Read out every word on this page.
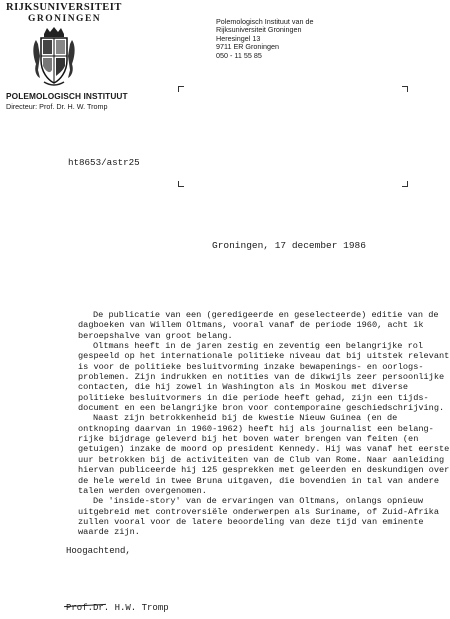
RIJKSUNIVERSITEIT
GRONINGEN
POLEMOLOGISCH INSTITUUT
Directeur: Prof. Dr. H. W. Tromp
Polemologisch Instituut van de
Rijksuniversiteit Groningen
Heresingel 13
9711 ER Groningen
050 - 11 55 85
ht8653/astr25
Groningen, 17 december 1986
De publicatie van een (geredigeerde en geselecteerde) editie van de
dagboeken van Willem Oltmans, vooral vanaf de periode 1960, acht ik
beroepshalve van groot belang.
Oltmans heeft in de jaren zestig en zeventig een belangrijke rol
gespeeld op het internationale politieke niveau dat bij uitstek relevant
is voor de politieke besluitvorming inzake bewapenings- en oorlogs-
problemen. Zijn indrukken en notities van de dikwijls zeer persoonlijke
contacten, die hij zowel in Washington als in Moskou met diverse
politieke besluitvormers in die periode heeft gehad, zijn een tijds-
document en een belangrijke bron voor contemporaine geschiedschrijving.
Naast zijn betrokkenheid bij de kwestie Nieuw Guinea (en de
ontknoping daarvan in 1960-1962) heeft hij als journalist een belang-
rijke bijdrage geleverd bij het boven water brengen van feiten (en
getuigen) inzake de moord op president Kennedy. Hij was vanaf het eerste
uur betrokken bij de activiteiten van de Club van Rome. Naar aanleiding
hiervan publiceerde hij 125 gesprekken met geleerden en deskundigen over
de hele wereld in twee Bruna uitgaven, die bovendien in tal van andere
talen werden overgenomen.
De 'inside-story' van de ervaringen van Oltmans, onlangs opnieuw
uitgebreid met controversiële onderwerpen als Suriname, of Zuid-Afrika
zullen vooral voor de latere beoordeling van deze tijd van eminente
waarde zijn.
Hoogachtend,
Prof.Dr. H.W. Tromp
